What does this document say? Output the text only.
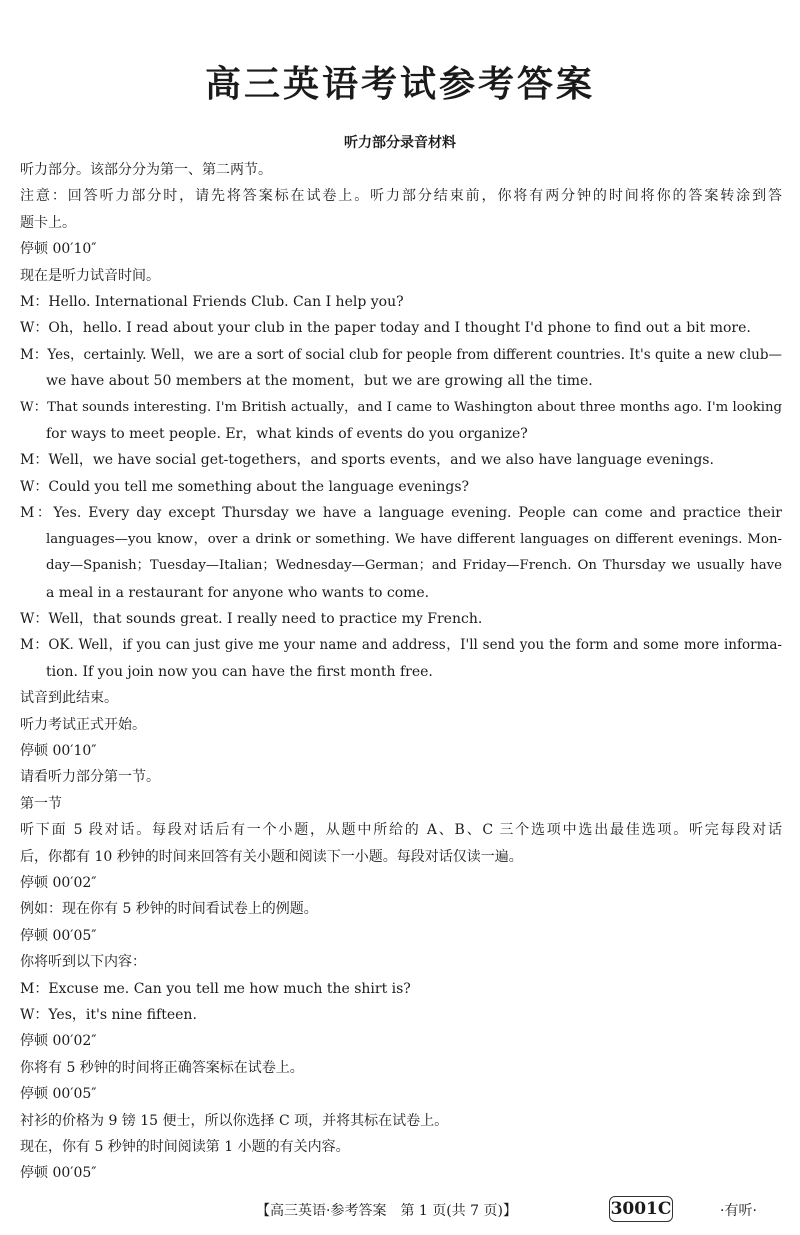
高三英语考试参考答案
听力部分录音材料

听力部分。该部分分为第一、第二两节。

注意：回答听力部分时，请先将答案标在试卷上。听力部分结束前，你将有两分钟的时间将你的答案转涂到答

题卡上。

停顿 00′10″

现在是听力试音时间。

M：Hello. International Friends Club. Can I help you?

W：Oh，hello. I read about your club in the paper today and I thought I'd phone to find out a bit more.

M：Yes，certainly. Well，we are a sort of social club for people from different countries. It's quite a new club—

we have about 50 members at the moment，but we are growing all the time.

W：That sounds interesting. I'm British actually，and I came to Washington about three months ago. I'm looking

for ways to meet people. Er，what kinds of events do you organize?

M：Well，we have social get-togethers，and sports events，and we also have language evenings.

W：Could you tell me something about the language evenings?

M：Yes. Every day except Thursday we have a language evening. People can come and practice their

languages—you know，over a drink or something. We have different languages on different evenings. Mon-

day—Spanish；Tuesday—Italian；Wednesday—German；and Friday—French. On Thursday we usually have

a meal in a restaurant for anyone who wants to come.

W：Well，that sounds great. I really need to practice my French.

M：OK. Well，if you can just give me your name and address，I'll send you the form and some more informa-

tion. If you join now you can have the first month free.

试音到此结束。

听力考试正式开始。

停顿 00′10″

请看听力部分第一节。

第一节

听下面 5 段对话。每段对话后有一个小题，从题中所给的 A、B、C 三个选项中选出最佳选项。听完每段对话

后，你都有 10 秒钟的时间来回答有关小题和阅读下一小题。每段对话仅读一遍。

停顿 00′02″

例如：现在你有 5 秒钟的时间看试卷上的例题。

停顿 00′05″

你将听到以下内容：

M：Excuse me. Can you tell me how much the shirt is?

W：Yes，it's nine fifteen.

停顿 00′02″

你将有 5 秒钟的时间将正确答案标在试卷上。

停顿 00′05″

衬衫的价格为 9 镑 15 便士，所以你选择 C 项，并将其标在试卷上。

现在，你有 5 秒钟的时间阅读第 1 小题的有关内容。

停顿 00′05″

【高三英语·参考答案　第 1 页(共 7 页)】	3001C	·有听·
